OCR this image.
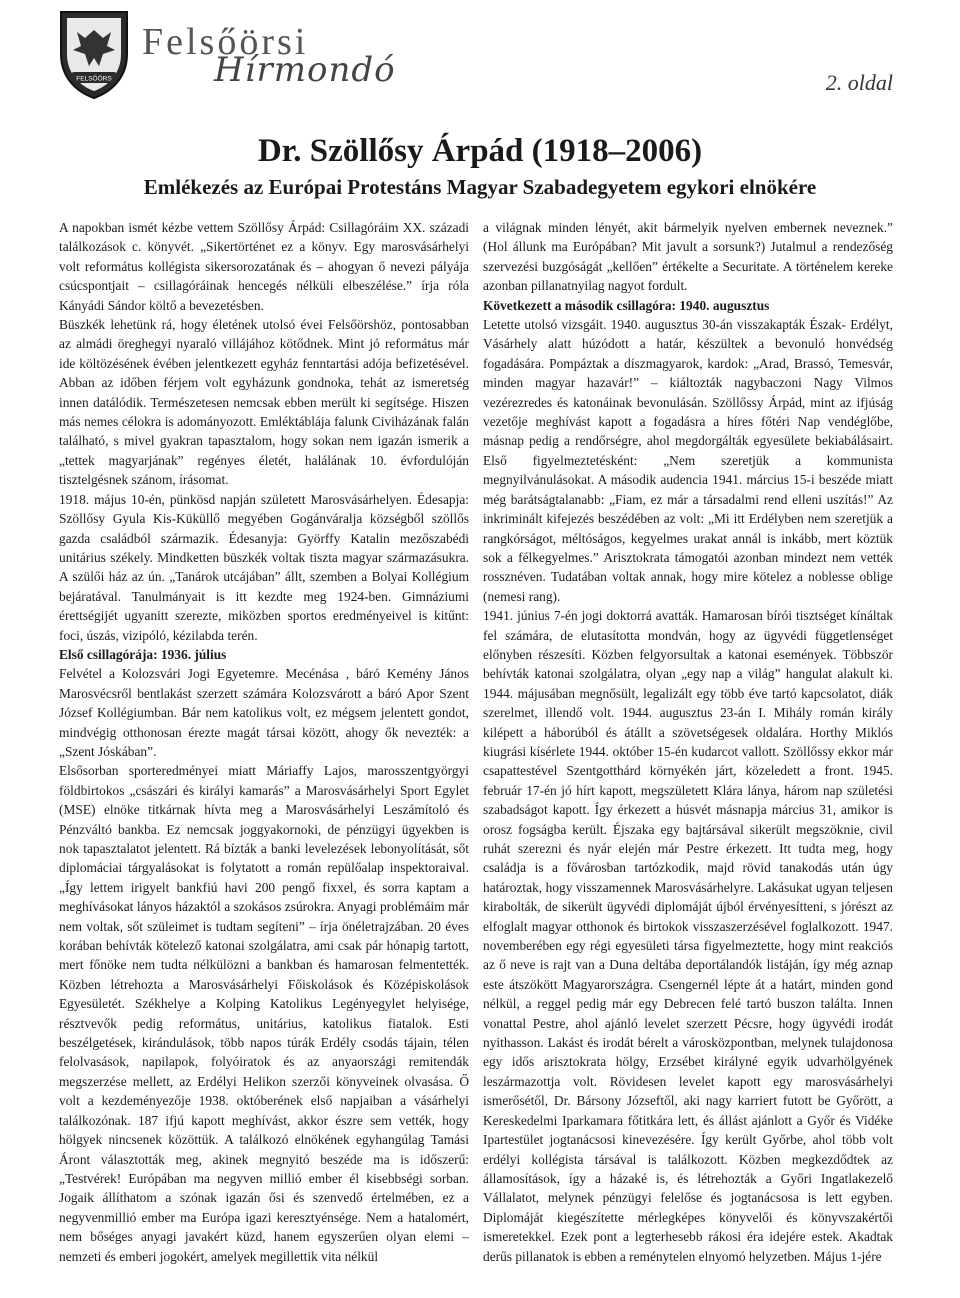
FELSŐÖRS
Felsőörsi
Hírmondó	2. oldal
Dr. Szöllősy Árpád (1918–2006)
Emlékezés az Európai Protestáns Magyar Szabadegyetem egykori elnökére

A napokban ismét kézbe vettem Szöllősy Árpád: Csillagóráim XX. századi találkozások c. könyvét. „Sikertörténet ez a könyv. Egy marosvásárhelyi volt református kollégista sikersorozatának és – ahogyan ő nevezi pályája csúcspontjait – csillagóráinak hencegés nélküli elbeszélése.” írja róla Kányádi Sándor költő a bevezetésben.

Büszkék lehetünk rá, hogy életének utolsó évei Felsőörshöz, pontosabban az almádi öreghegyi nyaraló villájához kötődnek. Mint jó református már ide költözésének évében jelentkezett egyház fenntartási adója befizetésével. Abban az időben férjem volt egyházunk gondnoka, tehát az ismeretség innen datálódik. Természetesen nemcsak ebben merült ki segítsége. Hiszen más nemes célokra is adományozott. Emléktáblája falunk Civiházának falán található, s mivel gyakran tapasztalom, hogy sokan nem igazán ismerik a „tettek magyarjának” regényes életét, halálának 10. évfordulóján tisztelgésnek szánom, írásomat.

1918. május 10-én, pünkösd napján született Marosvásárhelyen. Édesapja: Szöllősy Gyula Kis-Küküllő megyében Gogánváralja községből szöllős gazda családból származik. Édesanyja: Györffy Katalin mezőszabédi unitárius székely. Mindketten büszkék voltak tiszta magyar származásukra. A szülői ház az ún. „Tanárok utcájában” állt, szemben a Bolyai Kollégium bejáratával. Tanulmányait is itt kezdte meg 1924-ben. Gimnáziumi érettségijét ugyanitt szerezte, miközben sportos eredményeivel is kitűnt: foci, úszás, vizipóló, kézilabda terén.

Első csillagórája: 1936. július

Felvétel a Kolozsvári Jogi Egyetemre. Mecénása , báró Kemény János Marosvécsről bentlakást szerzett számára Kolozsvárott a báró Apor Szent József Kollégiumban. Bár nem katolikus volt, ez mégsem jelentett gondot, mindvégig otthonosan érezte magát társai között, ahogy ők nevezték: a „Szent Jóskában”.

Elsősorban sporteredményei miatt Máriaffy Lajos, marosszentgyörgyi földbirtokos „császári és királyi kamarás” a Marosvásárhelyi Sport Egylet (MSE) elnöke titkárnak hívta meg a Marosvásárhelyi Leszámítoló és Pénzváltó bankba. Ez nemcsak joggyakornoki, de pénzügyi ügyekben is nok tapasztalatot jelentett. Rá bízták a banki levelezések lebonyolítását, sőt diplomáciai tárgyalásokat is folytatott a román repülőalap inspektoraival. „Így lettem irigyelt bankfiú havi 200 pengő fixxel, és sorra kaptam a meghívásokat lányos házaktól a szokásos zsúrokra. Anyagi problémáim már nem voltak, sőt szüleimet is tudtam segíteni” – írja önéletrajzában. 20 éves korában behívták kötelező katonai szolgálatra, ami csak pár hónapig tartott, mert főnöke nem tudta nélkülözni a bankban és hamarosan felmentették. Közben létrehozta a Marosvásárhelyi Főiskolások és Középiskolások Egyesületét. Székhelye a Kolping Katolikus Legényegylet helyisége, résztvevők pedig református, unitárius, katolikus fiatalok. Esti beszélgetések, kirándulások, több napos túrák Erdély csodás tájain, télen felolvasások, napilapok, folyóiratok és az anyaországi remitendák megszerzése mellett, az Erdélyi Helikon szerzői könyveinek olvasása. Ő volt a kezdeményezője 1938. októberének első napjaiban a vásárhelyi találkozónak. 187 ifjú kapott meghívást, akkor észre sem vették, hogy hölgyek nincsenek közöttük. A találkozó elnökének egyhangúlag Tamási Áront választották meg, akinek megnyitó beszéde ma is időszerű: „Testvérek! Európában ma negyven millió ember él kisebbségi sorban. Jogaik állíthatom a szónak igazán ősi és szenvedő értelmében, ez a negyvenmillió ember ma Európa igazi keresztyénsége. Nem a hatalomért, nem bőséges anyagi javakért küzd, hanem egyszerűen olyan elemi – nemzeti és emberi jogokért, amelyek megillettik vita nélkül

a világnak minden lényét, akit bármelyik nyelven embernek neveznek.” (Hol állunk ma Európában? Mit javult a sorsunk?) Jutalmul a rendezőség szervezési buzgóságát „kellően” értékelte a Securitate. A történelem kereke azonban pillanatnyilag nagyot fordult.

Következett a második csillagóra: 1940. augusztus

Letette utolsó vizsgáit. 1940. augusztus 30-án visszakapták Észak- Erdélyt, Vásárhely alatt húzódott a határ, készültek a bevonuló honvédség fogadására. Pompáztak a díszmagyarok, kardok: „Arad, Brassó, Temesvár, minden magyar hazavár!” – kiáltozták nagybaczoni Nagy Vilmos vezérezredes és katonáinak bevonulásán. Szöllőssy Árpád, mint az ifjúság vezetője meghívást kapott a fogadásra a híres főtéri Nap vendéglőbe, másnap pedig a rendőrségre, ahol megdorgálták egyesülete bekiabálásairt. Első figyelmeztetésként: „Nem szeretjük a kommunista megnyilvánulásokat. A második audencia 1941. március 15-i beszéde miatt még barátságtalanabb: „Fiam, ez már a társadalmi rend elleni uszítás!” Az inkriminált kifejezés beszédében az volt: „Mi itt Erdélyben nem szeretjük a rangkórságot, méltóságos, kegyelmes urakat annál is inkább, mert köztük sok a félkegyelmes.” Arisztokrata támogatói azonban mindezt nem vették rossznéven. Tudatában voltak annak, hogy mire kötelez a noblesse oblige (nemesi rang).

1941. június 7-én jogi doktorrá avatták. Hamarosan bírói tisztséget kínáltak fel számára, de elutasította mondván, hogy az ügyvédi függetlenséget előnyben részesíti. Közben felgyorsultak a katonai események. Többször behívták katonai szolgálatra, olyan „egy nap a világ” hangulat alakult ki. 1944. májusában megnősült, legalizált egy több éve tartó kapcsolatot, diák szerelmet, illendő volt. 1944. augusztus 23-án I. Mihály román király kilépett a háborúból és átállt a szövetségesek oldalára. Horthy Miklós kiugrási kísérlete 1944. október 15-én kudarcot vallott. Szöllőssy ekkor már csapattestével Szentgotthárd környékén járt, közeledett a front. 1945. február 17-én jó hírt kapott, megszületett Klára lánya, három nap születési szabadságot kapott. Így érkezett a húsvét másnapja március 31, amikor is orosz fogságba került. Éjszaka egy bajtársával sikerült megszöknie, civil ruhát szerezni és nyár elején már Pestre érkezett. Itt tudta meg, hogy családja is a fővárosban tartózkodik, majd rövid tanakodás után úgy határoztak, hogy visszamennek Marosvásárhelyre. Lakásukat ugyan teljesen kirabolták, de sikerült ügyvédi diplomáját újból érvényesítteni, s jórészt az elfoglalt magyar otthonok és birtokok visszaszerzésével foglalkozott. 1947. novemberében egy régi egyesületi társa figyelmeztette, hogy mint reakciós az ő neve is rajt van a Duna deltába deportálandók listáján, így még aznap este átszökött Magyarországra. Csengernél lépte át a határt, minden gond nélkül, a reggel pedig már egy Debrecen felé tartó buszon találta. Innen vonattal Pestre, ahol ajánló levelet szerzett Pécsre, hogy ügyvédi irodát nyithasson. Lakást és irodát bérelt a városközpontban, melynek tulajdonosa egy idős arisztokrata hölgy, Erzsébet királyné egyik udvarhölgyének leszármazottja volt. Rövidesen levelet kapott egy marosvásárhelyi ismerősétől, Dr. Bársony Józseftől, aki nagy karriert futott be Győrött, a Kereskedelmi Iparkamara főtitkára lett, és állást ajánlott a Győr és Vidéke Ipartestület jogtanácsosi kinevezésére. Így került Győrbe, ahol több volt erdélyi kollégista társával is találkozott. Közben megkezdődtek az államosítások, így a házaké is, és létrehozták a Győri Ingatlakezelő Vállalatot, melynek pénzügyi felelőse és jogtanácsosa is lett egyben. Diplomáját kiegészítette mérlegképes könyvelői és könyvszakértői ismeretekkel. Ezek pont a legterhesebb rákosi éra idejére estek. Akadtak derűs pillanatok is ebben a reménytelen elnyomó helyzetben. Május 1-jére
